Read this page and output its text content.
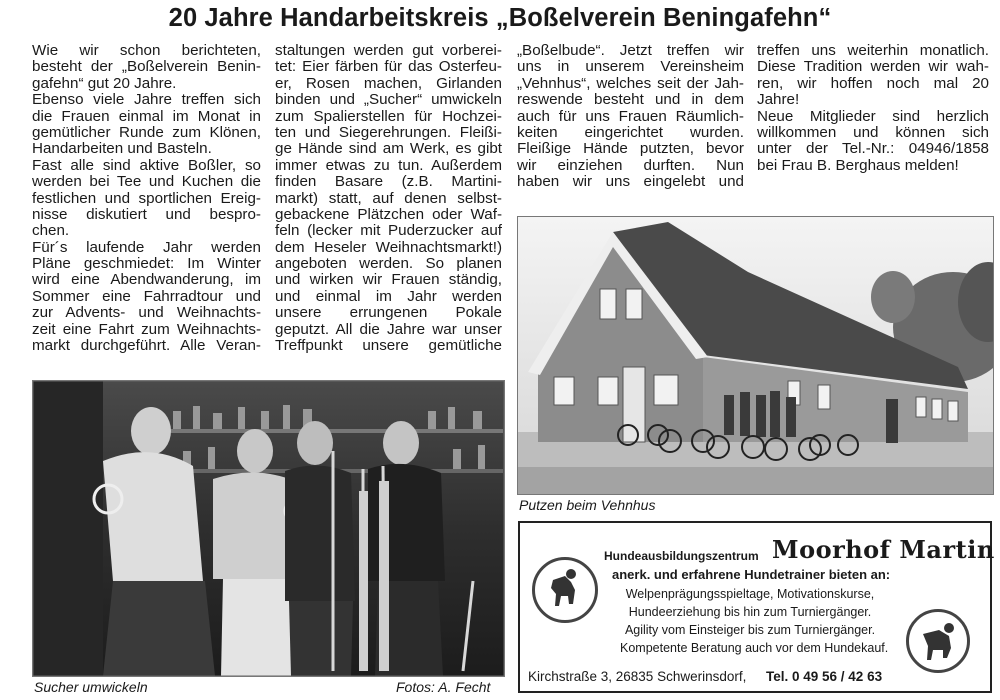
20 Jahre Handarbeitskreis „Boßelverein Beningafehn“
Wie wir schon berichteten,
besteht der „Boßelverein Benin-
gafehn“ gut 20 Jahre.
Ebenso viele Jahre treffen sich
die Frauen einmal im Monat in
gemütlicher Runde zum Klönen,
Handarbeiten und Basteln.
Fast alle sind aktive Boßler, so
werden bei Tee und Kuchen die
festlichen und sportlichen Ereig-
nisse diskutiert und bespro-
chen.
Für´s laufende Jahr werden
Pläne geschmiedet: Im Winter
wird eine Abendwanderung, im
Sommer eine Fahrradtour und
zur Advents- und Weihnachts-
zeit eine Fahrt zum Weihnachts-
markt durchgeführt. Alle Veran-
staltungen werden gut vorberei-
tet: Eier färben für das Osterfeu-
er, Rosen machen, Girlanden
binden und „Sucher“ umwickeln
zum Spalierstellen für Hochzei-
ten und Siegerehrungen. Fleißi-
ge Hände sind am Werk, es gibt
immer etwas zu tun. Außerdem
finden Basare (z.B. Martini-
markt) statt, auf denen selbst-
gebackene Plätzchen oder Waf-
feln (lecker mit Puderzucker auf
dem Heseler Weihnachtsmarkt!)
angeboten werden. So planen
und wirken wir Frauen ständig,
und einmal im Jahr werden
unsere errungenen Pokale
geputzt. All die Jahre war unser
Treffpunkt unsere gemütliche
„Boßelbude“. Jetzt treffen wir
uns in unserem Vereinsheim
„Vehnhus“, welches seit der Jah-
reswende besteht und in dem
auch für uns Frauen Räumlich-
keiten eingerichtet wurden.
Fleißige Hände putzten, bevor
wir einziehen durften. Nun
haben wir uns eingelebt und
treffen uns weiterhin monatlich.
Diese Tradition werden wir wah-
ren, wir hoffen noch mal 20
Jahre!
Neue Mitglieder sind herzlich
willkommen und können sich
unter der Tel.-Nr.: 04946/1858
bei Frau B. Berghaus melden!
Sucher umwickeln	Fotos: A. Fecht
Putzen beim Vehnhus
Hundeausbildungszentrum Moorhof Martin
anerk. und erfahrene Hundetrainer bieten an:
Welpenprägungsspieltage, Motivationskurse,
Hundeerziehung bis hin zum Turniergänger.
Agility vom Einsteiger bis zum Turniergänger.
Kompetente Beratung auch vor dem Hundekauf.
Kirchstraße 3, 26835 Schwerinsdorf, Tel. 0 49 56 / 42 63
